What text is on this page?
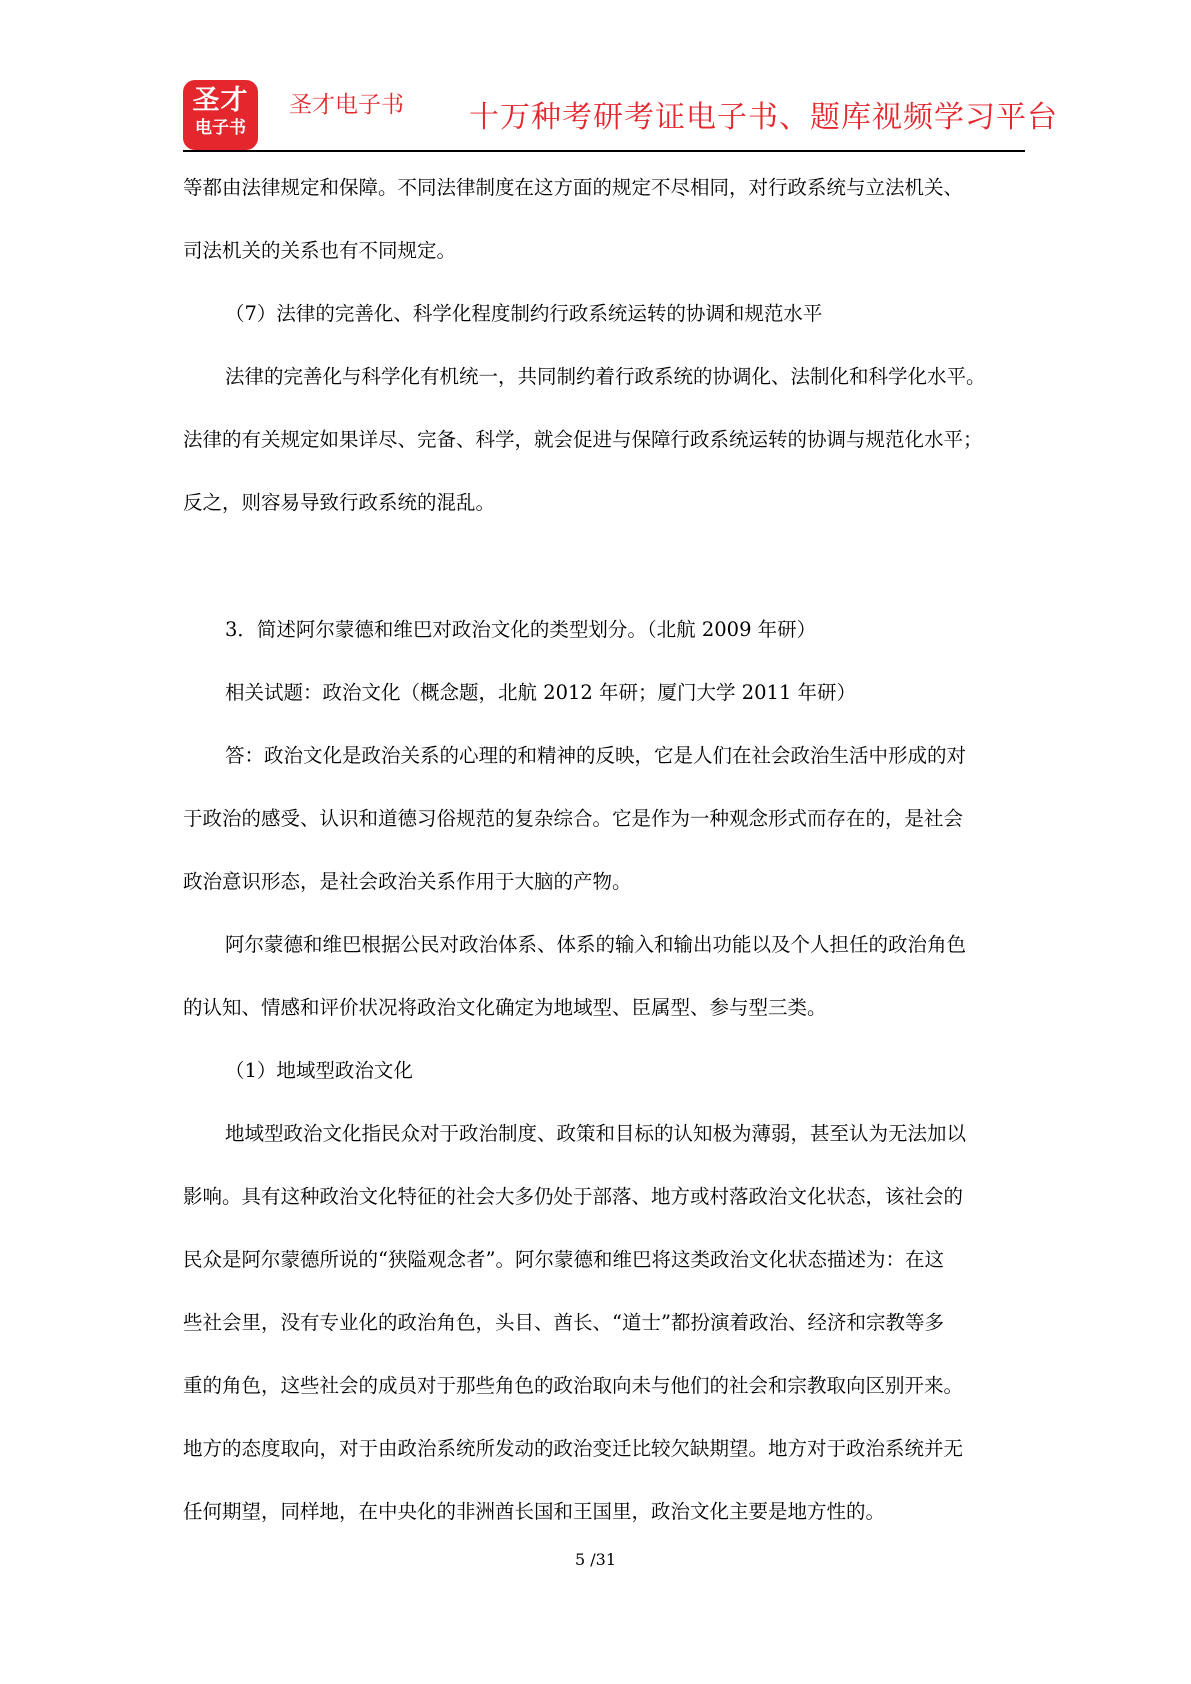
圣才
电子书
圣才电子书 十万种考研考证电子书、题库视频学习平台
等都由法律规定和保障。不同法律制度在这方面的规定不尽相同，对行政系统与立法机关、
司法机关的关系也有不同规定。
（7）法律的完善化、科学化程度制约行政系统运转的协调和规范水平
法律的完善化与科学化有机统一，共同制约着行政系统的协调化、法制化和科学化水平。
法律的有关规定如果详尽、完备、科学，就会促进与保障行政系统运转的协调与规范化水平；
反之，则容易导致行政系统的混乱。
3．简述阿尔蒙德和维巴对政治文化的类型划分。（北航 2009 年研）
相关试题：政治文化（概念题，北航 2012 年研；厦门大学 2011 年研）
答：政治文化是政治关系的心理的和精神的反映，它是人们在社会政治生活中形成的对
于政治的感受、认识和道德习俗规范的复杂综合。它是作为一种观念形式而存在的，是社会
政治意识形态，是社会政治关系作用于大脑的产物。
阿尔蒙德和维巴根据公民对政治体系、体系的输入和输出功能以及个人担任的政治角色
的认知、情感和评价状况将政治文化确定为地域型、臣属型、参与型三类。
（1）地域型政治文化
地域型政治文化指民众对于政治制度、政策和目标的认知极为薄弱，甚至认为无法加以
影响。具有这种政治文化特征的社会大多仍处于部落、地方或村落政治文化状态，该社会的
民众是阿尔蒙德所说的“狭隘观念者”。阿尔蒙德和维巴将这类政治文化状态描述为：在这
些社会里，没有专业化的政治角色，头目、酋长、“道士”都扮演着政治、经济和宗教等多
重的角色，这些社会的成员对于那些角色的政治取向未与他们的社会和宗教取向区别开来。
地方的态度取向，对于由政治系统所发动的政治变迁比较欠缺期望。地方对于政治系统并无
任何期望，同样地，在中央化的非洲酋长国和王国里，政治文化主要是地方性的。
5 /31
